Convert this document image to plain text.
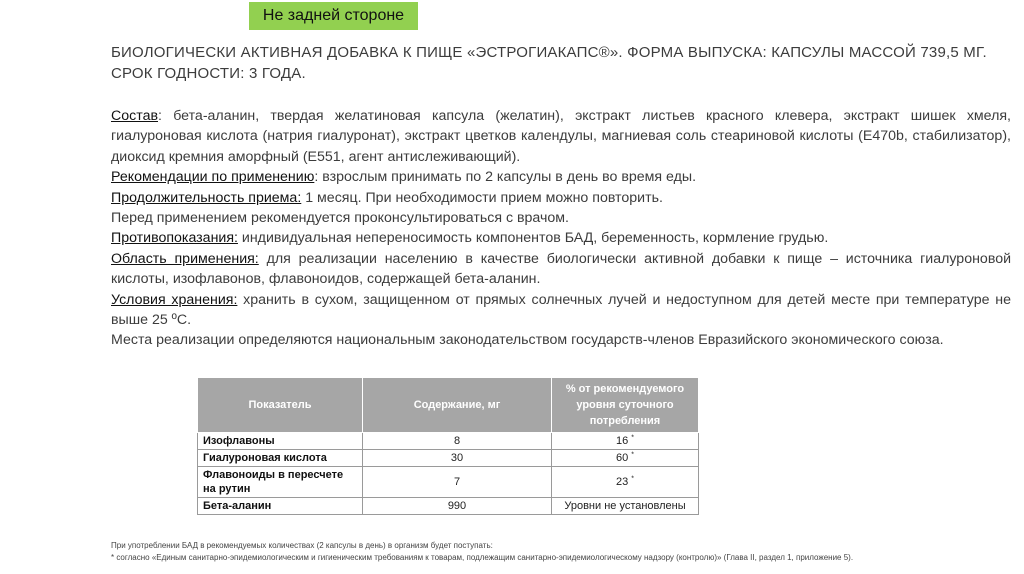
Не задней стороне
БИОЛОГИЧЕСКИ АКТИВНАЯ ДОБАВКА К ПИЩЕ «ЭСТРОГИАКАПС®». ФОРМА ВЫПУСКА: КАПСУЛЫ МАССОЙ 739,5 МГ. СРОК ГОДНОСТИ: 3 ГОДА.

Состав: бета-аланин, твердая желатиновая капсула (желатин), экстракт листьев красного клевера, экстракт шишек хмеля, гиалуроновая кислота (натрия гиалуронат), экстракт цветков календулы, магниевая соль стеариновой кислоты (Е470b, стабилизатор), диоксид кремния аморфный (Е551, агент антислеживающий).

Рекомендации по применению: взрослым принимать по 2 капсулы в день во время еды.

Продолжительность приема: 1 месяц. При необходимости прием можно повторить.

Перед применением рекомендуется проконсультироваться с врачом.

Противопоказания: индивидуальная непереносимость компонентов БАД, беременность, кормление грудью.

Область применения: для реализации населению в качестве биологически активной добавки к пище – источника гиалуроновой кислоты, изофлавонов, флавоноидов, содержащей бета-аланин.

Условия хранения: хранить в сухом, защищенном от прямых солнечных лучей и недоступном для детей месте при температуре не выше 25 ºС.

Места реализации определяются национальным законодательством государств-членов Евразийского экономического союза.

Показатель	Содержание, мг	% от рекомендуемого уровня суточного потребления
Изофлавоны	8	16 *
Гиалуроновая кислота	30	60 *
Флавоноиды в пересчете на рутин	7	23 *
Бета-аланин	990	Уровни не установлены
При употреблении БАД в рекомендуемых количествах (2 капсулы в день) в организм будет поступать:
* согласно «Единым санитарно-эпидемиологическим и гигиеническим требованиям к товарам, подлежащим санитарно-эпидемиологическому надзору (контролю)» (Глава II, раздел 1, приложение 5).
